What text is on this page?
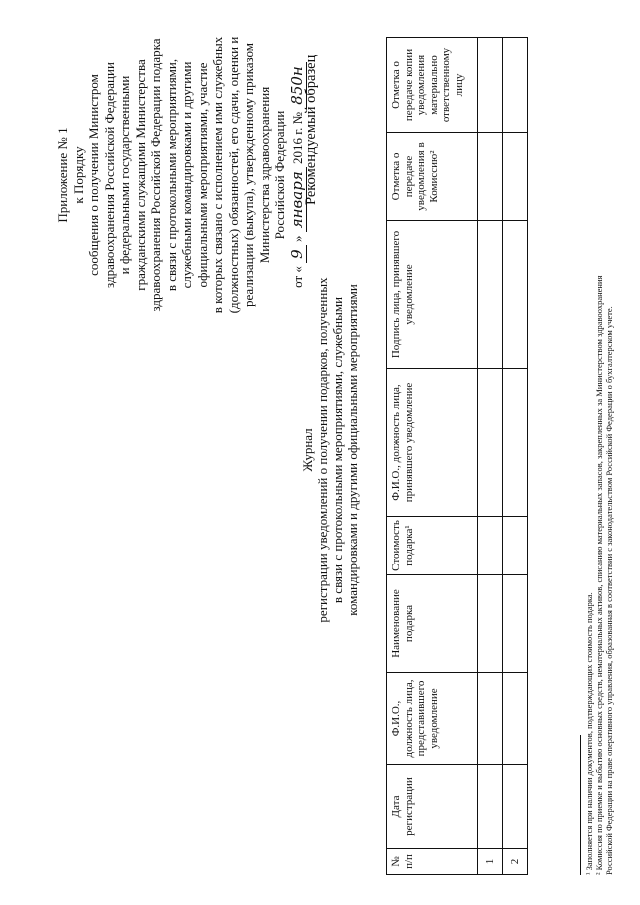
Приложение № 1 к Порядку сообщения о получении Министром здравоохранения Российской Федерации и федеральными государственными гражданскими служащими Министерства здравоохранения Российской Федерации подарка в связи с протокольными мероприятиями, служебными командировками и другими официальными мероприятиями, участие в которых связано с исполнением ими служебных (должностных) обязанностей, его сдачи, оценки и реализации (выкупа), утвержденному приказом Министерства здравоохранения Российской Федерации
от « 9 » января 2016 г. № 850н
Рекомендуемый образец
Журнал регистрации уведомлений о получении подарков, полученных в связи с протокольными мероприятиями, служебными командировками и другими официальными мероприятиями
№ п/п	Дата регистрации	Ф.И.О., должность лица, представившего уведомление	Наименование подарка	Стоимость подарка¹	Ф.И.О., должность лица, принявшего уведомление	Подпись лица, принявшего уведомление	Отметка о передаче уведомления в Комиссию²	Отметка о передаче копии уведомления материально ответственному лицу
1								
2									¹ Заполняется при наличии документов, подтверждающих стоимость подарка. ² Комиссия по приемке и выбытию основных средств, нематериальных активов, списанию материальных запасов, закрепленных за Министерством здравоохранения Российской Федерации на праве оперативного управления, образованная в соответствии с законодательством Российской Федерации о бухгалтерском учете.
